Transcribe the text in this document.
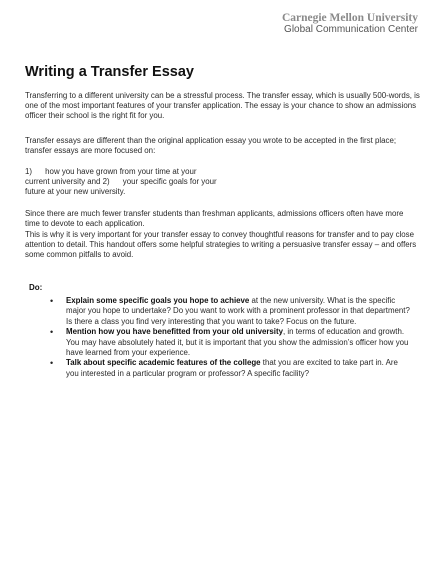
Carnegie Mellon University
Global Communication Center
Writing a Transfer Essay

Transferring to a different university can be a stressful process. The transfer essay, which is usually 500-words, is one of the most important features of your transfer application. The essay is your chance to show an admissions officer their school is the right fit for you.

Transfer essays are different than the original application essay you wrote to be accepted in the first place; transfer essays are more focused on:

1)      how you have grown from your time at your
current university and 2)      your specific goals for your
future at your new university.

Since there are much fewer transfer students than freshman applicants, admissions officers often have more time to devote to each application.

This is why it is very important for your transfer essay to convey thoughtful reasons for transfer and to pay close attention to detail. This handout offers some helpful strategies to writing a persuasive transfer essay – and offers some common pitfalls to avoid.

Do:
• Explain some specific goals you hope to achieve at the new university. What is the specific major you hope to undertake? Do you want to work with a prominent professor in that department? Is there a class you find very interesting that you want to take? Focus on the future.
• Mention how you have benefitted from your old university, in terms of education and growth. You may have absolutely hated it, but it is important that you show the admission’s officer how you have learned from your experience.
• Talk about specific academic features of the college that you are excited to take part in. Are you interested in a particular program or professor? A specific facility?
